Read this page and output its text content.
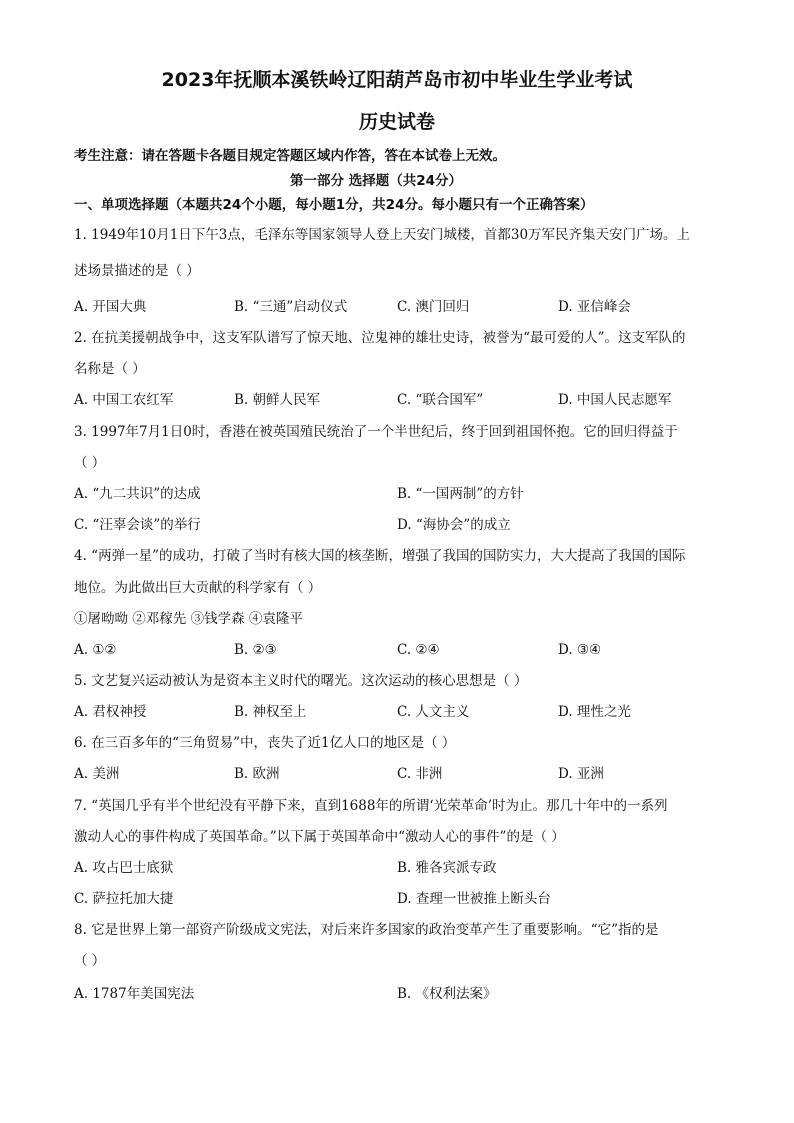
2023年抚顺本溪铁岭辽阳葫芦岛市初中毕业生学业考试
历史试卷
考生注意：请在答题卡各题目规定答题区域内作答，答在本试卷上无效。
第一部分 选择题（共24分）
一、单项选择题（本题共24个小题，每小题1分，共24分。每小题只有一个正确答案）
1. 1949年10月1日下午3点，毛泽东等国家领导人登上天安门城楼，首都30万军民齐集天安门广场。上
述场景描述的是（ ）
A. 开国大典	B. “三通”启动仪式	C. 澳门回归	D. 亚信峰会
2. 在抗美援朝战争中，这支军队谱写了惊天地、泣鬼神的雄壮史诗，被誉为“最可爱的人”。这支军队的
名称是（ ）
A. 中国工农红军	B. 朝鲜人民军	C. “联合国军”	D. 中国人民志愿军
3. 1997年7月1日0时，香港在被英国殖民统治了一个半世纪后，终于回到祖国怀抱。它的回归得益于
（ ）
A. “九二共识”的达成	B. “一国两制”的方针
C. “汪辜会谈”的举行	D. “海协会”的成立
4. “两弹一星”的成功，打破了当时有核大国的核垄断，增强了我国的国防实力，大大提高了我国的国际
地位。为此做出巨大贡献的科学家有（ ）
①屠呦呦 ②邓稼先 ③钱学森 ④袁隆平
A. ①②	B. ②③	C. ②④	D. ③④
5. 文艺复兴运动被认为是资本主义时代的曙光。这次运动的核心思想是（ ）
A. 君权神授	B. 神权至上	C. 人文主义	D. 理性之光
6. 在三百多年的“三角贸易”中，丧失了近1亿人口的地区是（ ）
A. 美洲	B. 欧洲	C. 非洲	D. 亚洲
7. “英国几乎有半个世纪没有平静下来，直到1688年的所谓‘光荣革命’时为止。那几十年中的一系列
激动人心的事件构成了英国革命。”以下属于英国革命中“激动人心的事件”的是（ ）
A. 攻占巴士底狱	B. 雅各宾派专政
C. 萨拉托加大捷	D. 查理一世被推上断头台
8. 它是世界上第一部资产阶级成文宪法，对后来许多国家的政治变革产生了重要影响。“它”指的是
（ ）
A. 1787年美国宪法	B. 《权利法案》
